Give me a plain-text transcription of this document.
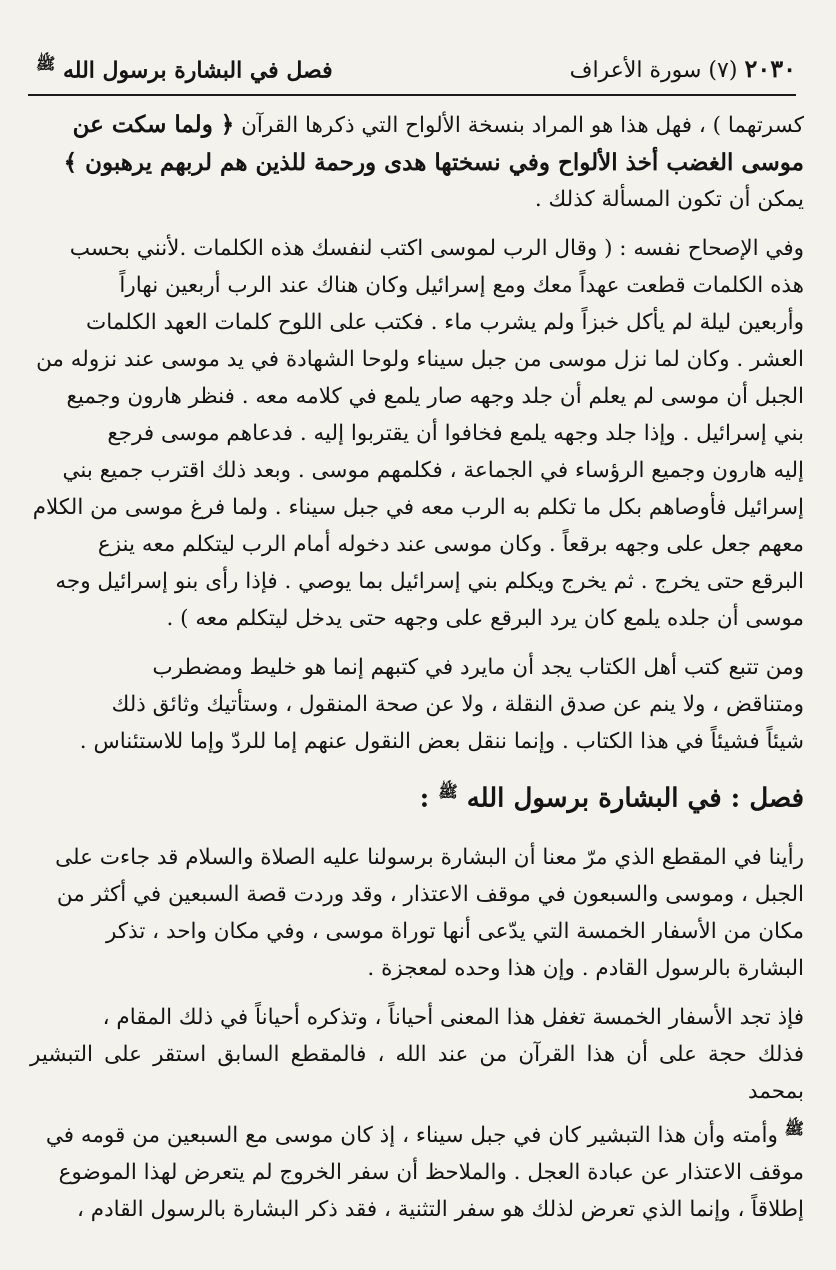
٢٠٣٠ (٧) سورة الأعراف
فصل في البشارة برسول الله $^ﷺ$
كسرتهما ) ، فهل هذا هو المراد بنسخة الألواح التي ذكرها القرآن ﴿ ولما سكت عن
موسى الغضب أخذ الألواح وفي نسختها هدى ورحمة للذين هم لربهم يرهبون ﴾
يمكن أن تكون المسألة كذلك .
وفي الإصحاح نفسه : ( وقال الرب لموسى اكتب لنفسك هذه الكلمات .لأنني بحسب
هذه الكلمات قطعت عهداً معك ومع إسرائيل وكان هناك عند الرب أربعين نهاراً
وأربعين ليلة لم يأكل خبزاً ولم يشرب ماء . فكتب على اللوح كلمات العهد الكلمات
العشر . وكان لما نزل موسى من جبل سيناء ولوحا الشهادة في يد موسى عند نزوله من
الجبل أن موسى لم يعلم أن جلد وجهه صار يلمع في كلامه معه . فنظر هارون وجميع
بني إسرائيل . وإذا جلد وجهه يلمع فخافوا أن يقتربوا إليه . فدعاهم موسى فرجع
إليه هارون وجميع الرؤساء في الجماعة ، فكلمهم موسى . وبعد ذلك اقترب جميع بني
إسرائيل فأوصاهم بكل ما تكلم به الرب معه في جبل سيناء . ولما فرغ موسى من الكلام
معهم جعل على وجهه برقعاً . وكان موسى عند دخوله أمام الرب ليتكلم معه ينزع
البرقع حتى يخرج . ثم يخرج ويكلم بني إسرائيل بما يوصي . فإذا رأى بنو إسرائيل وجه
موسى أن جلده يلمع كان يرد البرقع على وجهه حتى يدخل ليتكلم معه ) .
ومن تتبع كتب أهل الكتاب يجد أن مايرد في كتبهم إنما هو خليط ومضطرب
ومتناقض ، ولا ينم عن صدق النقلة ، ولا عن صحة المنقول ، وستأتيك وثائق ذلك
شيئاً فشيئاً في هذا الكتاب . وإنما ننقل بعض النقول عنهم إما للردّ وإما للاستئناس .
فصل : في البشارة برسول الله $^ﷺ$ :
رأينا في المقطع الذي مرّ معنا أن البشارة برسولنا عليه الصلاة والسلام قد جاءت على
الجبل ، وموسى والسبعون في موقف الاعتذار ، وقد وردت قصة السبعين في أكثر من
مكان من الأسفار الخمسة التي يدّعى أنها توراة موسى ، وفي مكان واحد ، تذكر
البشارة بالرسول القادم . وإن هذا وحده لمعجزة .
فإذ تجد الأسفار الخمسة تغفل هذا المعنى أحياناً ، وتذكره أحياناً في ذلك المقام ،
فذلك حجة على أن هذا القرآن من عند الله ، فالمقطع السابق استقر على التبشير بمحمد
$^ﷺ$ وأمته وأن هذا التبشير كان في جبل سيناء ، إذ كان موسى مع السبعين من قومه في
موقف الاعتذار عن عبادة العجل . والملاحظ أن سفر الخروج لم يتعرض لهذا الموضوع
إطلاقاً ، وإنما الذي تعرض لذلك هو سفر التثنية ، فقد ذكر البشارة بالرسول القادم ،
